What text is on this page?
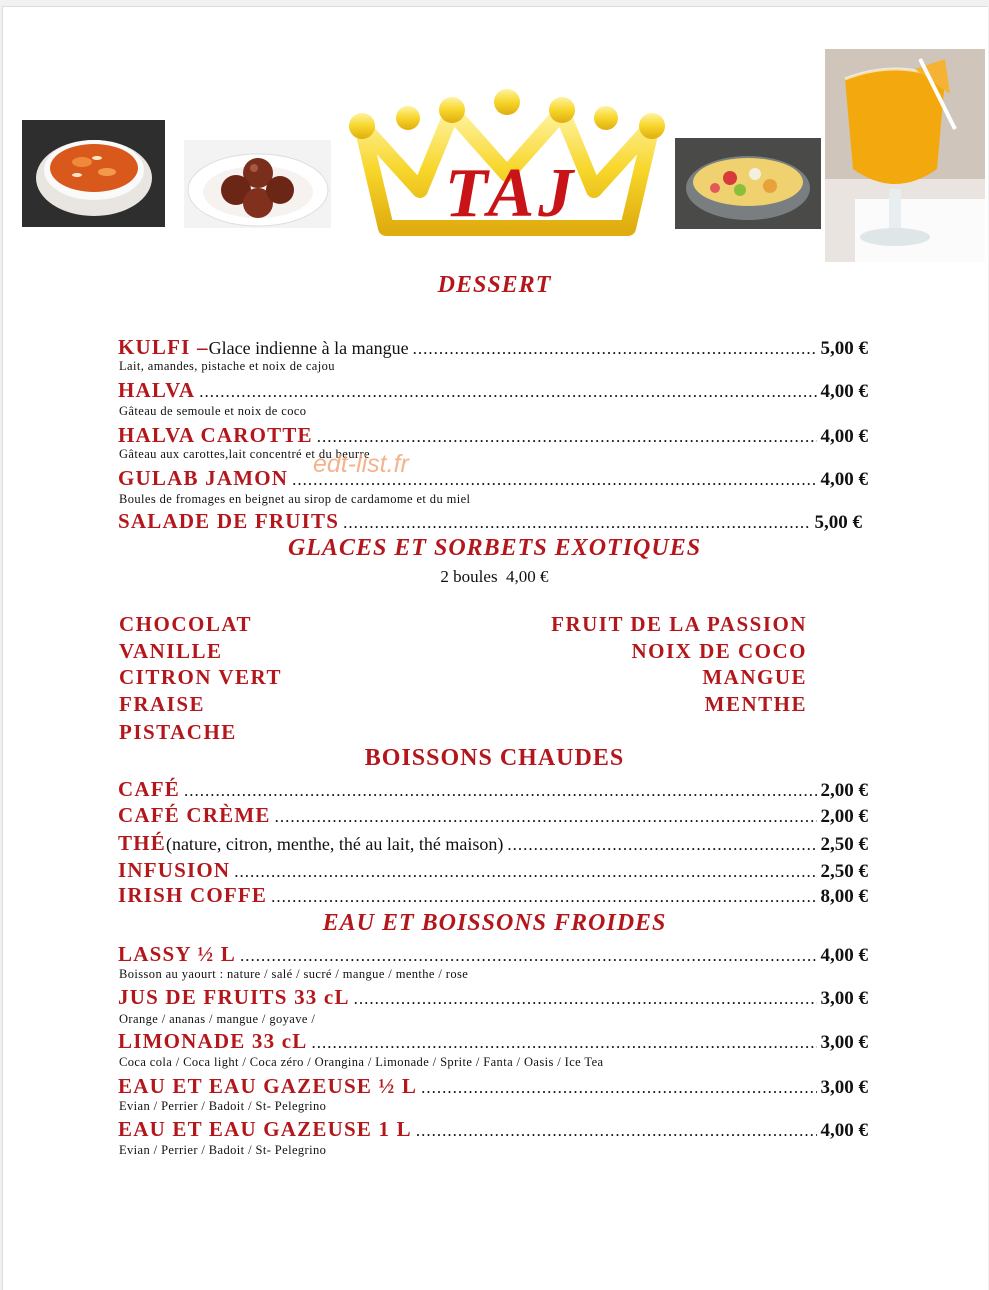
TAJ
DESSERT
KULFI – Glace indienne à la mangue .....	5,00 €
Lait, amandes, pistache et noix de cajou
HALVA .....	4,00 €
Gâteau de semoule et noix de coco
HALVA CAROTTE .....	4,00 €
Gâteau aux carottes,lait concentré et du beurre
edt-list.fr
GULAB JAMON .....	4,00 €
Boules de fromages en beignet au sirop de cardamome et du miel
SALADE DE FRUITS .....	5,00 €
GLACES ET SORBETS EXOTIQUES
2 boules  4,00 €
CHOCOLAT
VANILLE
CITRON VERT
FRAISE
PISTACHE
FRUIT DE LA PASSION
NOIX DE COCO
MANGUE
MENTHE
BOISSONS CHAUDES
CAFÉ .....	2,00 €
CAFÉ CRÈME .....	2,00 €
THÉ (nature, citron, menthe, thé au lait, thé maison) .....	2,50 €
INFUSION .....	2,50 €
IRISH COFFE .....	8,00 €
EAU ET BOISSONS FROIDES
LASSY ½ L .....	4,00 €
Boisson au yaourt : nature / salé / sucré / mangue / menthe / rose
JUS DE FRUITS 33 cL .....	3,00 €
Orange / ananas / mangue / goyave /
LIMONADE 33 cL .....	3,00 €
Coca cola / Coca light / Coca zéro / Orangina / Limonade / Sprite / Fanta / Oasis / Ice Tea
EAU ET EAU GAZEUSE ½ L .....	3,00 €
Evian / Perrier / Badoit / St- Pelegrino
EAU ET EAU GAZEUSE 1 L .....	4,00 €
Evian / Perrier / Badoit / St- Pelegrino
